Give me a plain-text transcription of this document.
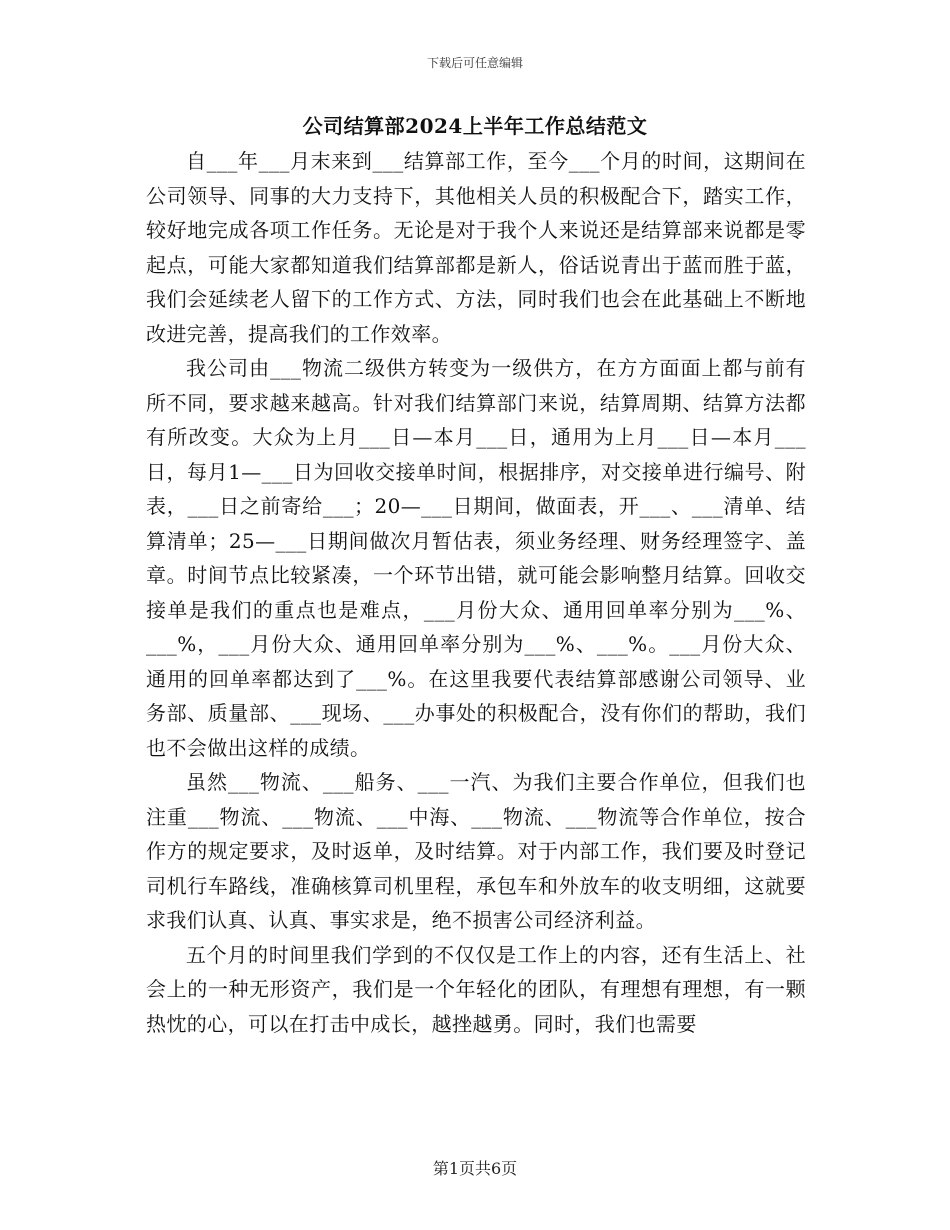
下载后可任意编辑
公司结算部2024上半年工作总结范文

自___年___月末来到___结算部工作，至今___个月的时间，这期间在公司领导、同事的大力支持下，其他相关人员的积极配合下，踏实工作，较好地完成各项工作任务。无论是对于我个人来说还是结算部来说都是零起点，可能大家都知道我们结算部都是新人，俗话说青出于蓝而胜于蓝，我们会延续老人留下的工作方式、方法，同时我们也会在此基础上不断地改进完善，提高我们的工作效率。

我公司由___物流二级供方转变为一级供方，在方方面面上都与前有所不同，要求越来越高。针对我们结算部门来说，结算周期、结算方法都有所改变。大众为上月___日—本月___日，通用为上月___日—本月___日，每月1—___日为回收交接单时间，根据排序，对交接单进行编号、附表，___日之前寄给___；20—___日期间，做面表，开___、___清单、结算清单；25—___日期间做次月暂估表，须业务经理、财务经理签字、盖章。时间节点比较紧凑，一个环节出错，就可能会影响整月结算。回收交接单是我们的重点也是难点，___月份大众、通用回单率分别为___%、___%，___月份大众、通用回单率分别为___%、___%。___月份大众、通用的回单率都达到了___%。在这里我要代表结算部感谢公司领导、业务部、质量部、___现场、___办事处的积极配合，没有你们的帮助，我们也不会做出这样的成绩。

虽然___物流、___船务、___一汽、为我们主要合作单位，但我们也注重___物流、___物流、___中海、___物流、___物流等合作单位，按合作方的规定要求，及时返单，及时结算。对于内部工作，我们要及时登记司机行车路线，准确核算司机里程，承包车和外放车的收支明细，这就要求我们认真、认真、事实求是，绝不损害公司经济利益。

五个月的时间里我们学到的不仅仅是工作上的内容，还有生活上、社会上的一种无形资产，我们是一个年轻化的团队，有理想有理想，有一颗热忱的心，可以在打击中成长，越挫越勇。同时，我们也需要

第1页共6页
